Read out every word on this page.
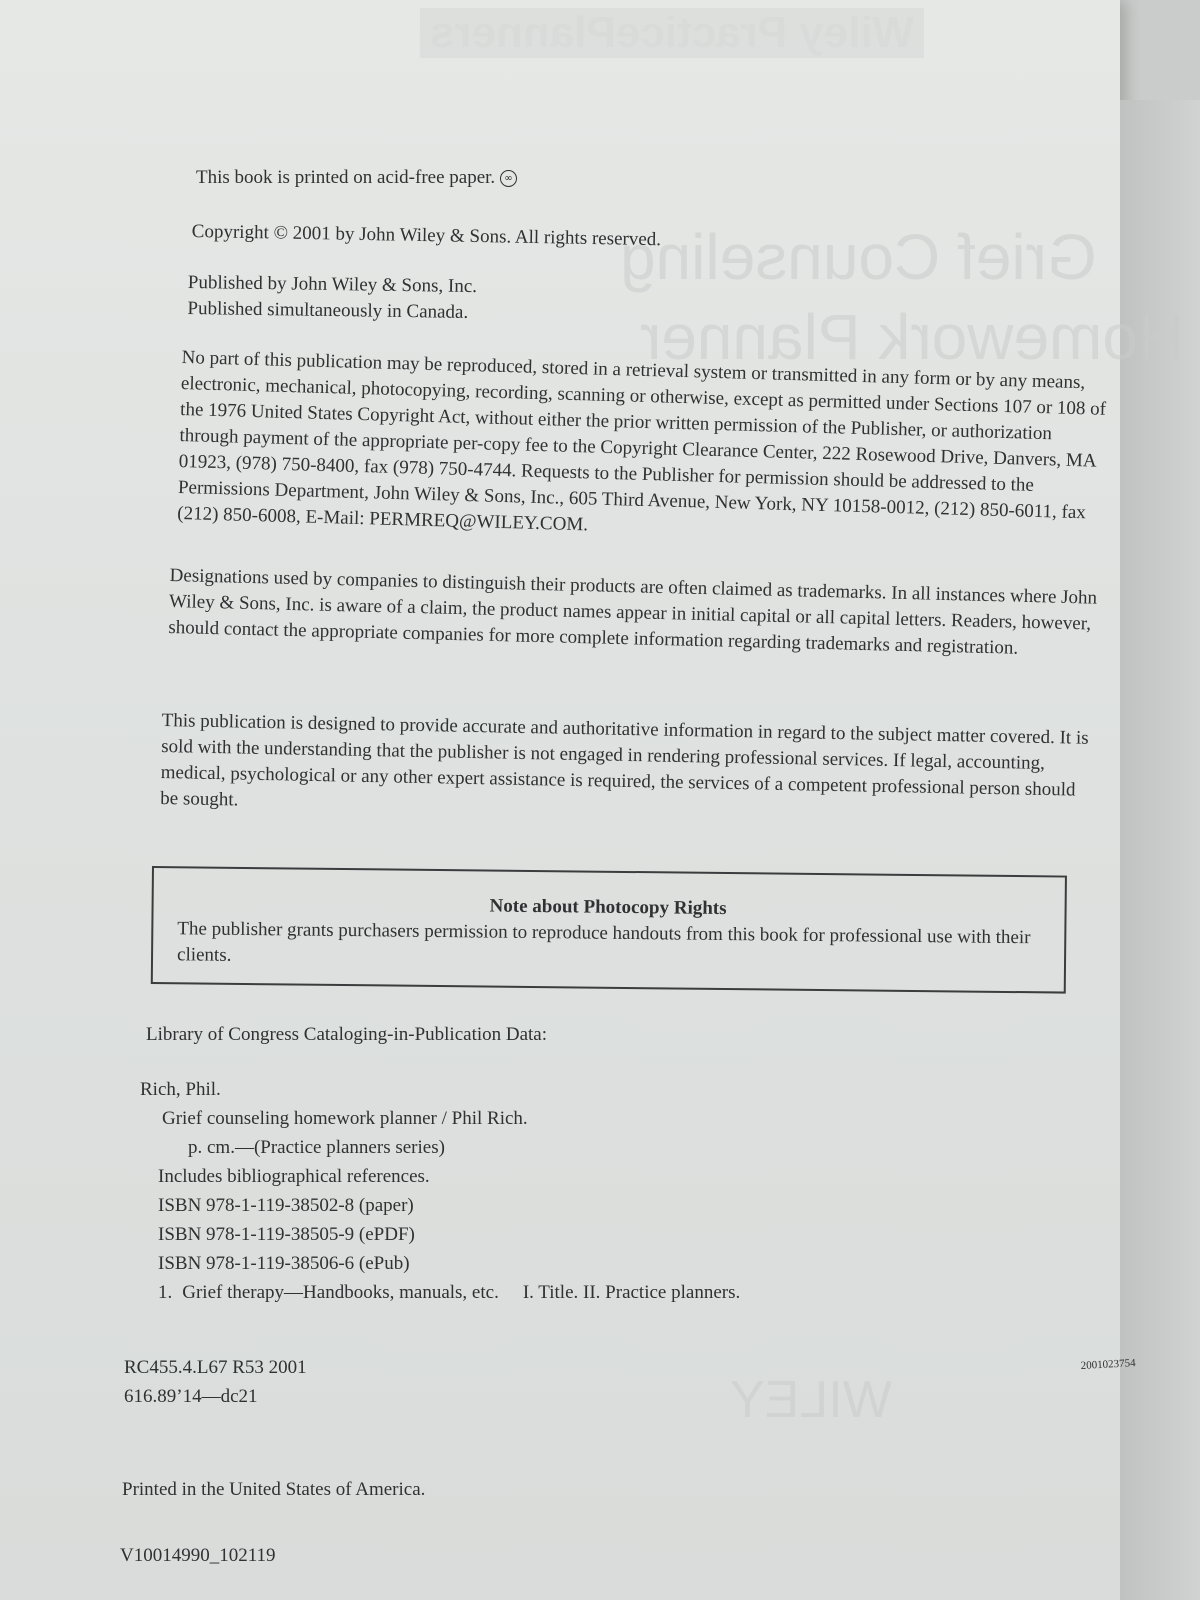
Wiley PracticePlanners
Grief Counseling
Homework Planner
WILEY

This book is printed on acid-free paper. ∞

Copyright © 2001 by John Wiley & Sons. All rights reserved.

Published by John Wiley & Sons, Inc.
Published simultaneously in Canada.

No part of this publication may be reproduced, stored in a retrieval system or transmitted in any form or by any means, electronic, mechanical, photocopying, recording, scanning or otherwise, except as permitted under Sections 107 or 108 of the 1976 United States Copyright Act, without either the prior written permission of the Publisher, or authorization through payment of the appropriate per-copy fee to the Copyright Clearance Center, 222 Rosewood Drive, Danvers, MA 01923, (978) 750-8400, fax (978) 750-4744. Requests to the Publisher for permission should be addressed to the Permissions Department, John Wiley & Sons, Inc., 605 Third Avenue, New York, NY 10158-0012, (212) 850-6011, fax (212) 850-6008, E-Mail: PERMREQ@WILEY.COM.

Designations used by companies to distinguish their products are often claimed as trademarks. In all instances where John Wiley & Sons, Inc. is aware of a claim, the product names appear in initial capital or all capital letters. Readers, however, should contact the appropriate companies for more complete information regarding trademarks and registration.

This publication is designed to provide accurate and authoritative information in regard to the subject matter covered. It is sold with the understanding that the publisher is not engaged in rendering professional services. If legal, accounting, medical, psychological or any other expert assistance is required, the services of a competent professional person should be sought.

Note about Photocopy Rights

The publisher grants purchasers permission to reproduce handouts from this book for professional use with their clients.

Library of Congress Cataloging-in-Publication Data:

Rich, Phil.
Grief counseling homework planner / Phil Rich.
p. cm.—(Practice planners series)
Includes bibliographical references.
ISBN 978-1-119-38502-8 (paper)
ISBN 978-1-119-38505-9 (ePDF)
ISBN 978-1-119-38506-6 (ePub)
1. Grief therapy—Handbooks, manuals, etc. I. Title. II. Practice planners.
RC455.4.L67 R53 2001
616.89’14—dc21
2001023754

Printed in the United States of America.

V10014990_102119
